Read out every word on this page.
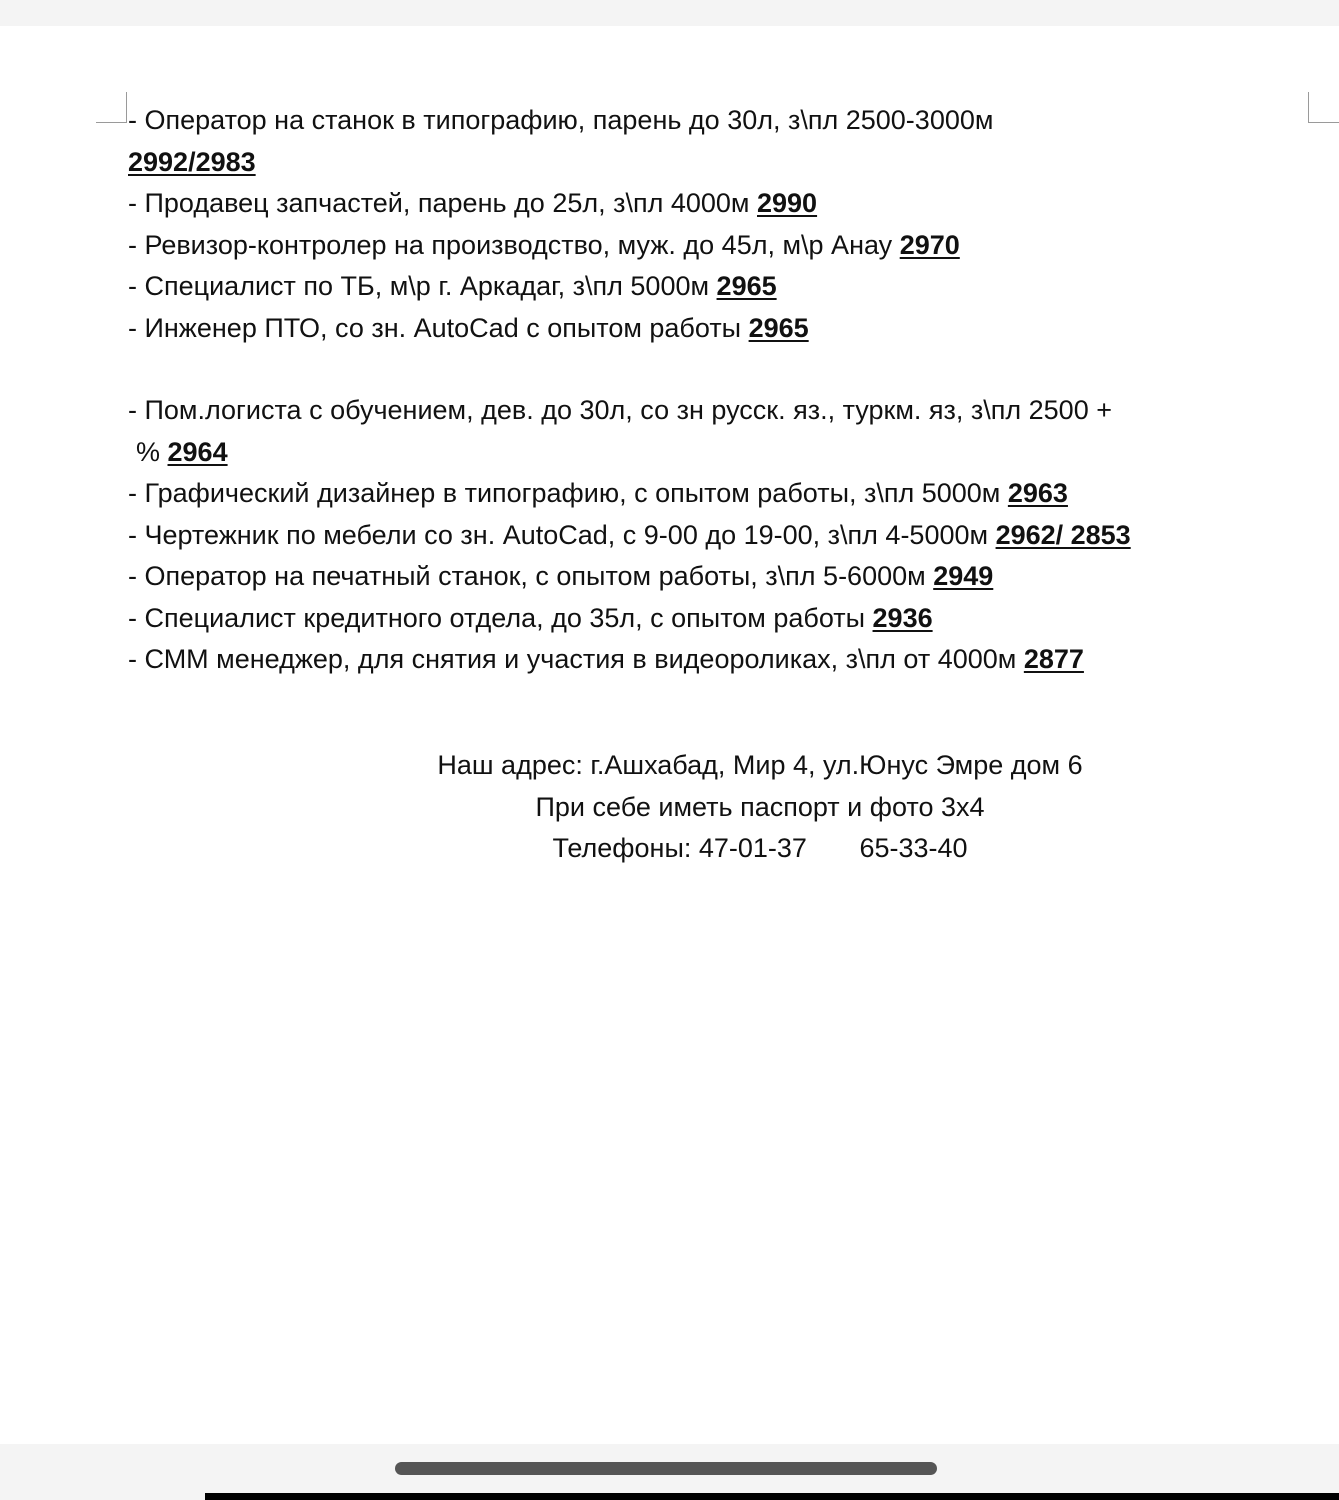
- Оператор на станок в типографию, парень до 30л, з\пл 2500-3000м
2992/2983
- Продавец запчастей, парень до 25л, з\пл 4000м 2990
- Ревизор-контролер на производство, муж. до 45л, м\р Анау 2970
- Специалист по ТБ, м\р г. Аркадаг, з\пл 5000м 2965
- Инженер ПТО, со зн. AutoCad с опытом работы 2965
- Пом.логиста с обучением, дев. до 30л, со зн русск. яз., туркм. яз, з\пл 2500 +
% 2964
- Графический дизайнер в типографию, с опытом работы, з\пл 5000м 2963
- Чертежник по мебели со зн. AutoCad, с 9-00 до 19-00, з\пл 4-5000м 2962/ 2853
- Оператор на печатный станок, с опытом работы, з\пл 5-6000м 2949
- Специалист кредитного отдела, до 35л, с опытом работы 2936
- СММ менеджер, для снятия и участия в видеороликах, з\пл от 4000м 2877
Наш адрес: г.Ашхабад, Мир 4, ул.Юнус Эмре дом 6
При себе иметь паспорт и фото 3х4
Телефоны: 47-01-37 65-33-40
